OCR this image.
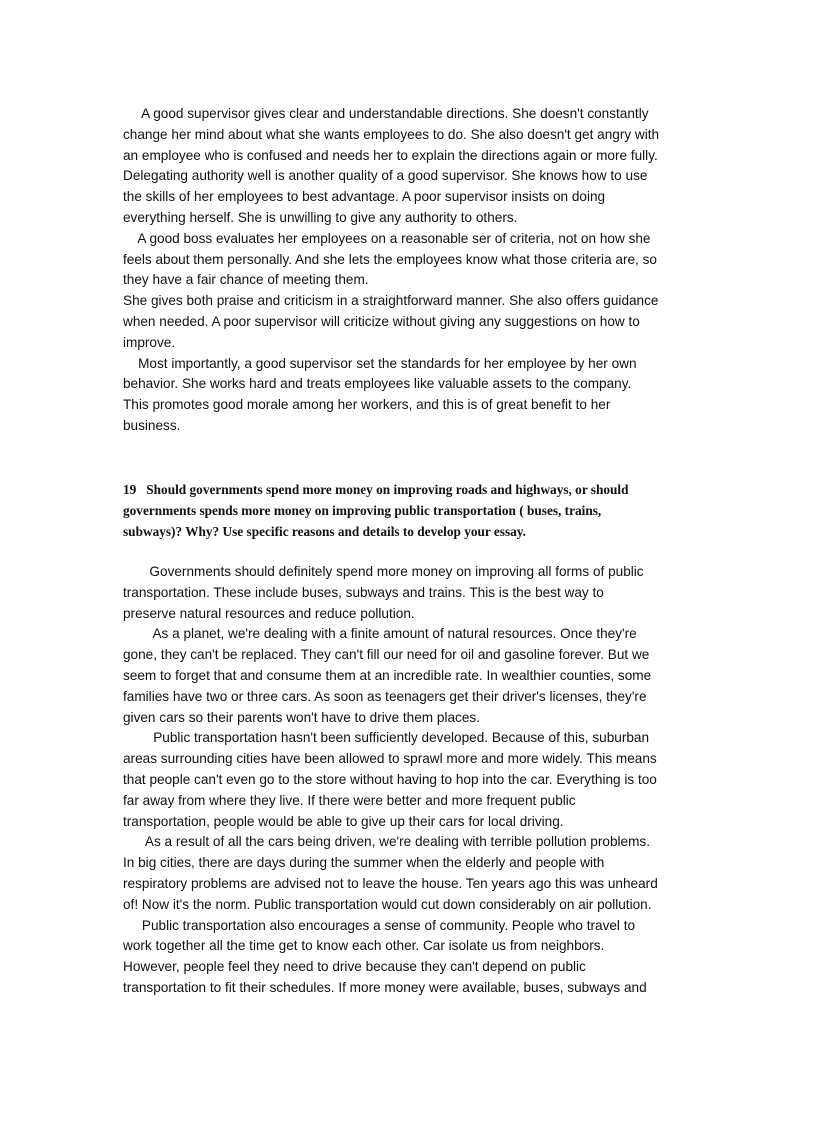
A good supervisor gives clear and understandable directions. She doesn't constantly
change her mind about what she wants employees to do. She also doesn't get angry with
an employee who is confused and needs her to explain the directions again or more fully.
Delegating authority well is another quality of a good supervisor. She knows how to use
the skills of her employees to best advantage. A poor supervisor insists on doing
everything herself. She is unwilling to give any authority to others.
A good boss evaluates her employees on a reasonable ser of criteria, not on how she
feels about them personally. And she lets the employees know what those criteria are, so
they have a fair chance of meeting them.
She gives both praise and criticism in a straightforward manner. She also offers guidance
when needed. A poor supervisor will criticize without giving any suggestions on how to
improve.
Most importantly, a good supervisor set the standards for her employee by her own
behavior. She works hard and treats employees like valuable assets to the company.
This promotes good morale among her workers, and this is of great benefit to her
business.
19   Should governments spend more money on improving roads and highways, or should
governments spends more money on improving public transportation ( buses, trains,
subways)? Why? Use specific reasons and details to develop your essay.
Governments should definitely spend more money on improving all forms of public
transportation. These include buses, subways and trains. This is the best way to
preserve natural resources and reduce pollution.
As a planet, we're dealing with a finite amount of natural resources. Once they're
gone, they can't be replaced. They can't fill our need for oil and gasoline forever. But we
seem to forget that and consume them at an incredible rate. In wealthier counties, some
families have two or three cars. As soon as teenagers get their driver's licenses, they're
given cars so their parents won't have to drive them places.
Public transportation hasn't been sufficiently developed. Because of this, suburban
areas surrounding cities have been allowed to sprawl more and more widely. This means
that people can't even go to the store without having to hop into the car. Everything is too
far away from where they live. If there were better and more frequent public
transportation, people would be able to give up their cars for local driving.
As a result of all the cars being driven, we're dealing with terrible pollution problems.
In big cities, there are days during the summer when the elderly and people with
respiratory problems are advised not to leave the house. Ten years ago this was unheard
of! Now it's the norm. Public transportation would cut down considerably on air pollution.
Public transportation also encourages a sense of community. People who travel to
work together all the time get to know each other. Car isolate us from neighbors.
However, people feel they need to drive because they can't depend on public
transportation to fit their schedules. If more money were available, buses, subways and
